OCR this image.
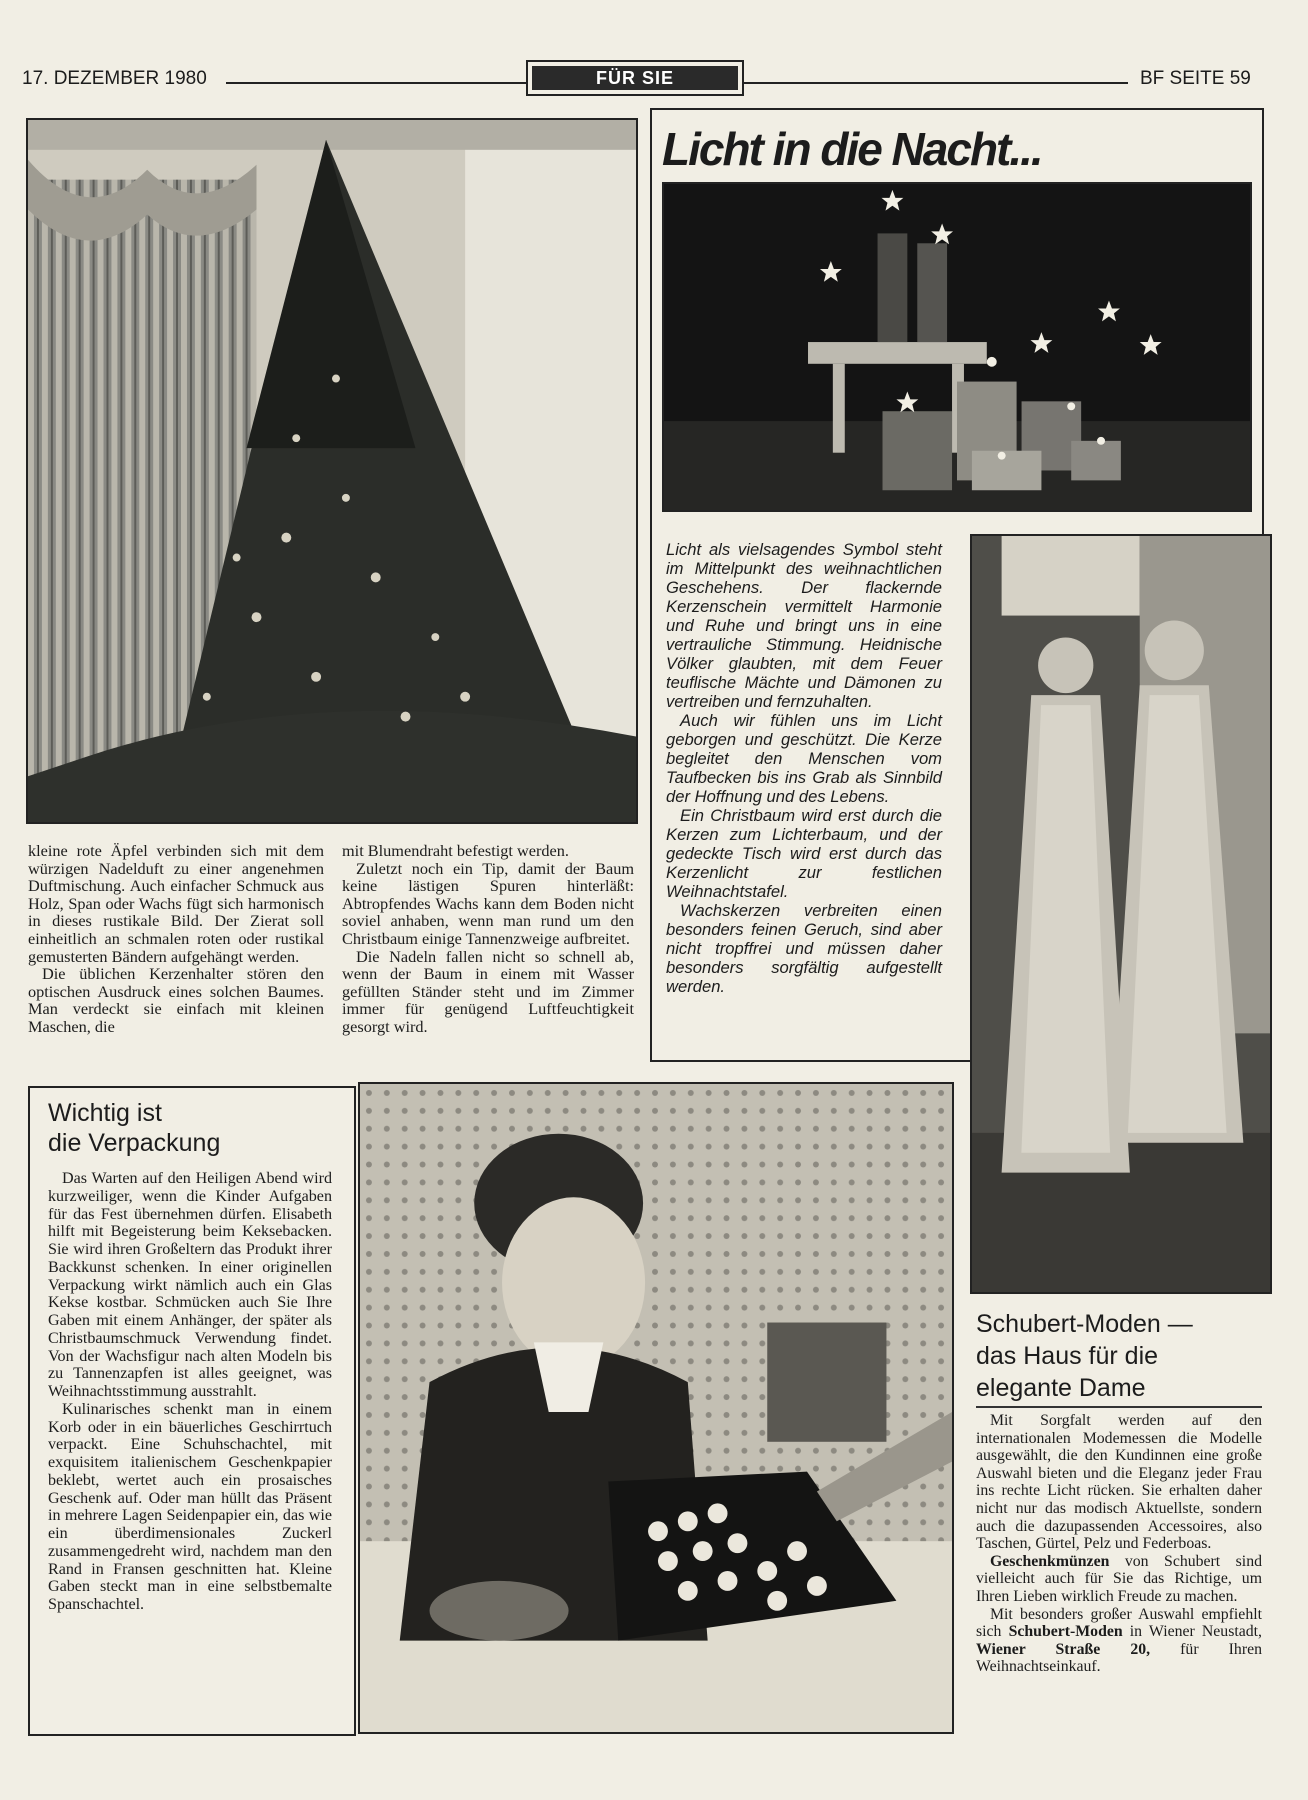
17. DEZEMBER 1980	FÜR SIE	BF SEITE 59

kleine rote Äpfel verbinden sich mit dem würzigen Nadelduft zu einer angenehmen Duftmischung. Auch einfacher Schmuck aus Holz, Span oder Wachs fügt sich harmonisch in dieses rustikale Bild. Der Zierat soll einheitlich an schmalen roten oder rustikal gemusterten Bändern aufgehängt werden.

Die üblichen Kerzenhalter stören den optischen Ausdruck eines solchen Baumes. Man verdeckt sie einfach mit kleinen Maschen, die

mit Blumendraht befestigt werden.

Zuletzt noch ein Tip, damit der Baum keine lästigen Spuren hinterläßt: Abtropfendes Wachs kann dem Boden nicht soviel anhaben, wenn man rund um den Christbaum einige Tannenzweige aufbreitet.

Die Nadeln fallen nicht so schnell ab, wenn der Baum in einem mit Wasser gefüllten Ständer steht und im Zimmer immer für genügend Luftfeuchtigkeit gesorgt wird.

Licht in die Nacht...

Licht als vielsagendes Symbol steht im Mittelpunkt des weihnachtlichen Geschehens. Der flackernde Kerzenschein vermittelt Harmonie und Ruhe und bringt uns in eine vertrauliche Stimmung. Heidnische Völker glaubten, mit dem Feuer teuflische Mächte und Dämonen zu vertreiben und fernzuhalten.

Auch wir fühlen uns im Licht geborgen und geschützt. Die Kerze begleitet den Menschen vom Taufbecken bis ins Grab als Sinnbild der Hoffnung und des Lebens.

Ein Christbaum wird erst durch die Kerzen zum Lichterbaum, und der gedeckte Tisch wird erst durch das Kerzenlicht zur festlichen Weihnachtstafel.

Wachskerzen verbreiten einen besonders feinen Geruch, sind aber nicht tropffrei und müssen daher besonders sorgfältig aufgestellt werden.

Wichtig ist
die Verpackung

Das Warten auf den Heiligen Abend wird kurzweiliger, wenn die Kinder Aufgaben für das Fest übernehmen dürfen. Elisabeth hilft mit Begeisterung beim Keksebacken. Sie wird ihren Großeltern das Produkt ihrer Backkunst schenken. In einer originellen Verpackung wirkt nämlich auch ein Glas Kekse kostbar. Schmücken auch Sie Ihre Gaben mit einem Anhänger, der später als Christbaumschmuck Verwendung findet. Von der Wachsfigur nach alten Modeln bis zu Tannenzapfen ist alles geeignet, was Weihnachtsstimmung ausstrahlt.

Kulinarisches schenkt man in einem Korb oder in ein bäuerliches Geschirrtuch verpackt. Eine Schuhschachtel, mit exquisitem italienischem Geschenkpapier beklebt, wertet auch ein prosaisches Geschenk auf. Oder man hüllt das Präsent in mehrere Lagen Seidenpapier ein, das wie ein überdimensionales Zuckerl zusammengedreht wird, nachdem man den Rand in Fransen geschnitten hat. Kleine Gaben steckt man in eine selbstbemalte Spanschachtel.

Schubert-Moden —
das Haus für die
elegante Dame

Mit Sorgfalt werden auf den internationalen Modemessen die Modelle ausgewählt, die den Kundinnen eine große Auswahl bieten und die Eleganz jeder Frau ins rechte Licht rücken. Sie erhalten daher nicht nur das modisch Aktuellste, sondern auch die dazupassenden Accessoires, also Taschen, Gürtel, Pelz und Federboas.

Geschenkmünzen von Schubert sind vielleicht auch für Sie das Richtige, um Ihren Lieben wirklich Freude zu machen.

Mit besonders großer Auswahl empfiehlt sich Schubert-Moden in Wiener Neustadt, Wiener Straße 20, für Ihren Weihnachtseinkauf.
